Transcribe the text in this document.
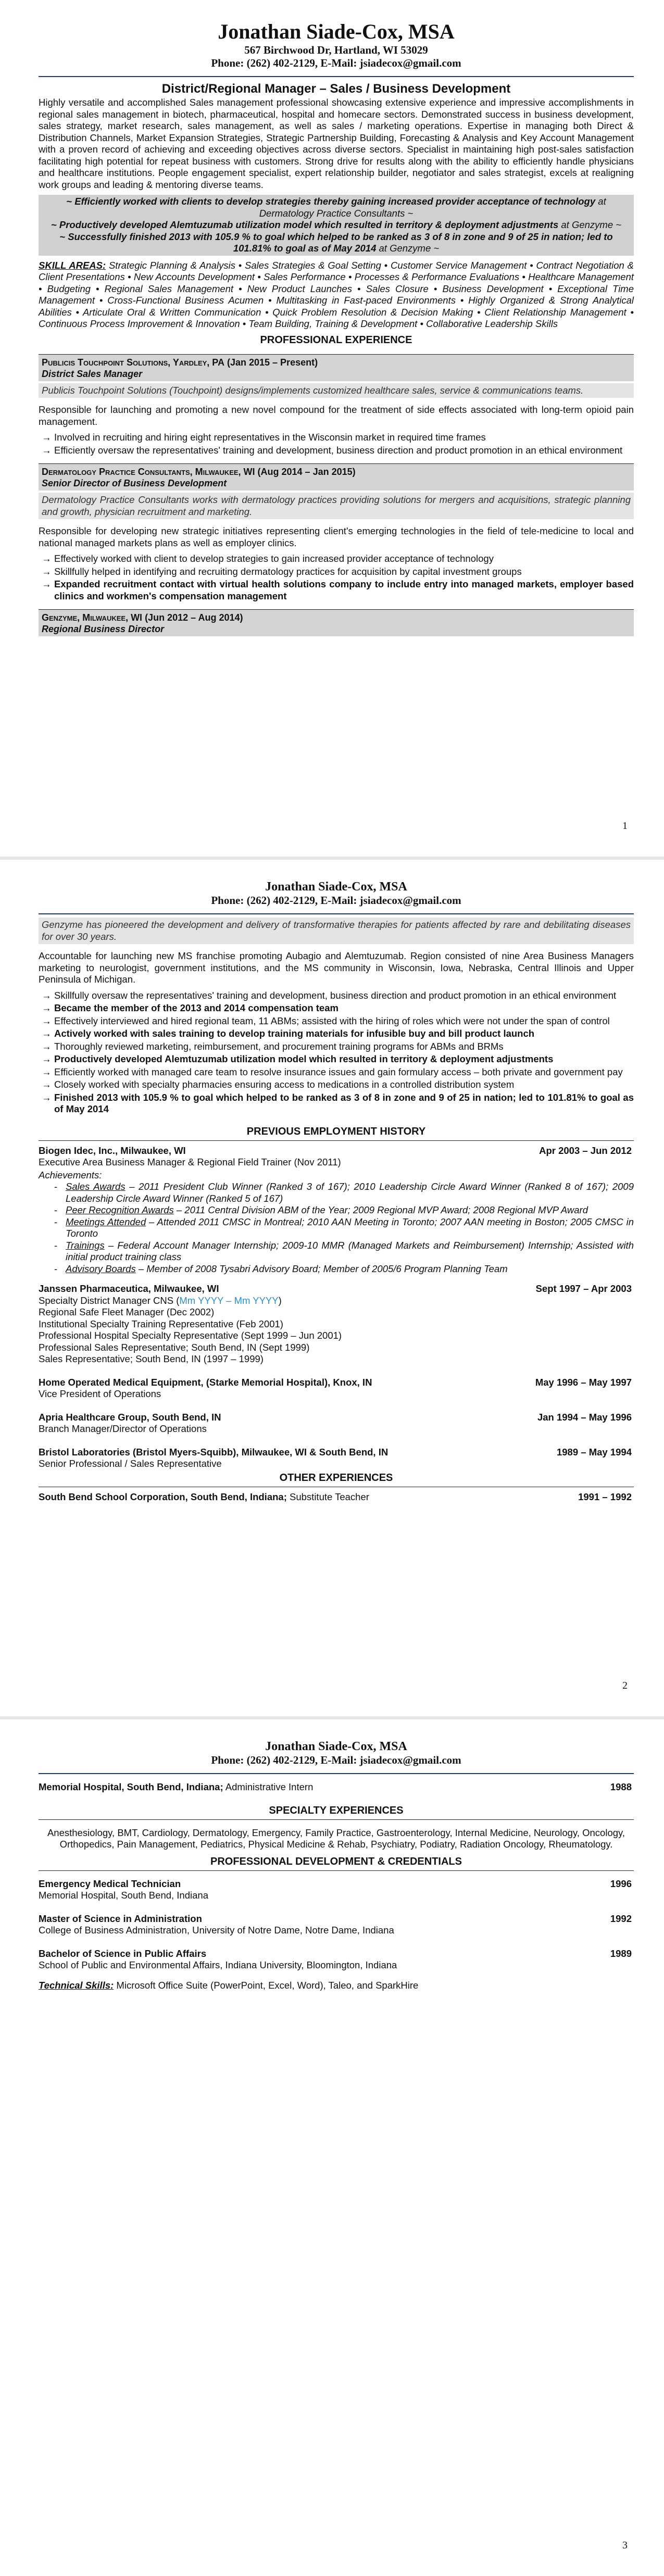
Jonathan Siade-Cox, MSA
567 Birchwood Dr, Hartland, WI 53029
Phone: (262) 402-2129, E-Mail: jsiadecox@gmail.com
District/Regional Manager – Sales / Business Development
Highly versatile and accomplished Sales management professional showcasing extensive experience and impressive accomplishments in regional sales management in biotech, pharmaceutical, hospital and homecare sectors. Demonstrated success in business development, sales strategy, market research, sales management, as well as sales / marketing operations. Expertise in managing both Direct & Distribution Channels, Market Expansion Strategies, Strategic Partnership Building, Forecasting & Analysis and Key Account Management with a proven record of achieving and exceeding objectives across diverse sectors. Specialist in maintaining high post-sales satisfaction facilitating high potential for repeat business with customers. Strong drive for results along with the ability to efficiently handle physicians and healthcare institutions. People engagement specialist, expert relationship builder, negotiator and sales strategist, excels at realigning work groups and leading & mentoring diverse teams.
~ Efficiently worked with clients to develop strategies thereby gaining increased provider acceptance of technology at Dermatology Practice Consultants ~
~ Productively developed Alemtuzumab utilization model which resulted in territory & deployment adjustments at Genzyme ~
~ Successfully finished 2013 with 105.9 % to goal which helped to be ranked as 3 of 8 in zone and 9 of 25 in nation; led to 101.81% to goal as of May 2014 at Genzyme ~
SKILL AREAS: Strategic Planning & Analysis • Sales Strategies & Goal Setting • Customer Service Management • Contract Negotiation & Client Presentations • New Accounts Development • Sales Performance • Processes & Performance Evaluations • Healthcare Management • Budgeting • Regional Sales Management • New Product Launches • Sales Closure • Business Development • Exceptional Time Management • Cross-Functional Business Acumen • Multitasking in Fast-paced Environments • Highly Organized & Strong Analytical Abilities • Articulate Oral & Written Communication • Quick Problem Resolution & Decision Making • Client Relationship Management • Continuous Process Improvement & Innovation • Team Building, Training & Development • Collaborative Leadership Skills
PROFESSIONAL EXPERIENCE
Publicis Touchpoint Solutions, Yardley, PA (Jan 2015 – Present)
District Sales Manager
Publicis Touchpoint Solutions (Touchpoint) designs/implements customized healthcare sales, service & communications teams.

Responsible for launching and promoting a new novel compound for the treatment of side effects associated with long-term opioid pain management.

→ Involved in recruiting and hiring eight representatives in the Wisconsin market in required time frames
→ Efficiently oversaw the representatives' training and development, business direction and product promotion in an ethical environment
Dermatology Practice Consultants, Milwaukee, WI (Aug 2014 – Jan 2015)
Senior Director of Business Development
Dermatology Practice Consultants works with dermatology practices providing solutions for mergers and acquisitions, strategic planning and growth, physician recruitment and marketing.

Responsible for developing new strategic initiatives representing client's emerging technologies in the field of tele-medicine to local and national managed markets plans as well as employer clinics.

→ Effectively worked with client to develop strategies to gain increased provider acceptance of technology
→ Skillfully helped in identifying and recruiting dermatology practices for acquisition by capital investment groups
→ Expanded recruitment contact with virtual health solutions company to include entry into managed markets, employer based clinics and workmen's compensation management
Genzyme, Milwaukee, WI (Jun 2012 – Aug 2014)
Regional Business Director
1
Jonathan Siade-Cox, MSA
Phone: (262) 402-2129, E-Mail: jsiadecox@gmail.com
Genzyme has pioneered the development and delivery of transformative therapies for patients affected by rare and debilitating diseases for over 30 years.

Accountable for launching new MS franchise promoting Aubagio and Alemtuzumab. Region consisted of nine Area Business Managers marketing to neurologist, government institutions, and the MS community in Wisconsin, Iowa, Nebraska, Central Illinois and Upper Peninsula of Michigan.

→ Skillfully oversaw the representatives' training and development, business direction and product promotion in an ethical environment
→ Became the member of the 2013 and 2014 compensation team
→ Effectively interviewed and hired regional team, 11 ABMs; assisted with the hiring of roles which were not under the span of control
→ Actively worked with sales training to develop training materials for infusible buy and bill product launch
→ Thoroughly reviewed marketing, reimbursement, and procurement training programs for ABMs and BRMs
→ Productively developed Alemtuzumab utilization model which resulted in territory & deployment adjustments
→ Efficiently worked with managed care team to resolve insurance issues and gain formulary access – both private and government pay
→ Closely worked with specialty pharmacies ensuring access to medications in a controlled distribution system
→ Finished 2013 with 105.9 % to goal which helped to be ranked as 3 of 8 in zone and 9 of 25 in nation; led to 101.81% to goal as of May 2014
PREVIOUS EMPLOYMENT HISTORY
Biogen Idec, Inc., Milwaukee, WI	Apr 2003 – Jun 2012
Executive Area Business Manager & Regional Field Trainer (Nov 2011)
Achievements:
- Sales Awards – 2011 President Club Winner (Ranked 3 of 167); 2010 Leadership Circle Award Winner (Ranked 8 of 167); 2009 Leadership Circle Award Winner (Ranked 5 of 167)
- Peer Recognition Awards – 2011 Central Division ABM of the Year; 2009 Regional MVP Award; 2008 Regional MVP Award
- Meetings Attended – Attended 2011 CMSC in Montreal; 2010 AAN Meeting in Toronto; 2007 AAN meeting in Boston; 2005 CMSC in Toronto
- Trainings – Federal Account Manager Internship; 2009-10 MMR (Managed Markets and Reimbursement) Internship; Assisted with initial product training class
- Advisory Boards – Member of 2008 Tysabri Advisory Board; Member of 2005/6 Program Planning Team
Janssen Pharmaceutica, Milwaukee, WI	Sept 1997 – Apr 2003
Specialty District Manager CNS (Mm YYYY – Mm YYYY)
Regional Safe Fleet Manager (Dec 2002)
Institutional Specialty Training Representative (Feb 2001)
Professional Hospital Specialty Representative (Sept 1999 – Jun 2001)
Professional Sales Representative; South Bend, IN (Sept 1999)
Sales Representative; South Bend, IN (1997 – 1999)
Home Operated Medical Equipment, (Starke Memorial Hospital), Knox, IN	May 1996 – May 1997
Vice President of Operations
Apria Healthcare Group, South Bend, IN	Jan 1994 – May 1996
Branch Manager/Director of Operations
Bristol Laboratories (Bristol Myers-Squibb), Milwaukee, WI & South Bend, IN	1989 – May 1994
Senior Professional / Sales Representative
OTHER EXPERIENCES
South Bend School Corporation, South Bend, Indiana; Substitute Teacher	1991 – 1992
2
Jonathan Siade-Cox, MSA
Phone: (262) 402-2129, E-Mail: jsiadecox@gmail.com
Memorial Hospital, South Bend, Indiana; Administrative Intern	1988
SPECIALTY EXPERIENCES
Anesthesiology, BMT, Cardiology, Dermatology, Emergency, Family Practice, Gastroenterology, Internal Medicine, Neurology, Oncology, Orthopedics, Pain Management, Pediatrics, Physical Medicine & Rehab, Psychiatry, Podiatry, Radiation Oncology, Rheumatology.
PROFESSIONAL DEVELOPMENT & CREDENTIALS
Emergency Medical Technician	1996
Memorial Hospital, South Bend, Indiana
Master of Science in Administration	1992
College of Business Administration, University of Notre Dame, Notre Dame, Indiana
Bachelor of Science in Public Affairs	1989
School of Public and Environmental Affairs, Indiana University, Bloomington, Indiana
Technical Skills: Microsoft Office Suite (PowerPoint, Excel, Word), Taleo, and SparkHire
3
